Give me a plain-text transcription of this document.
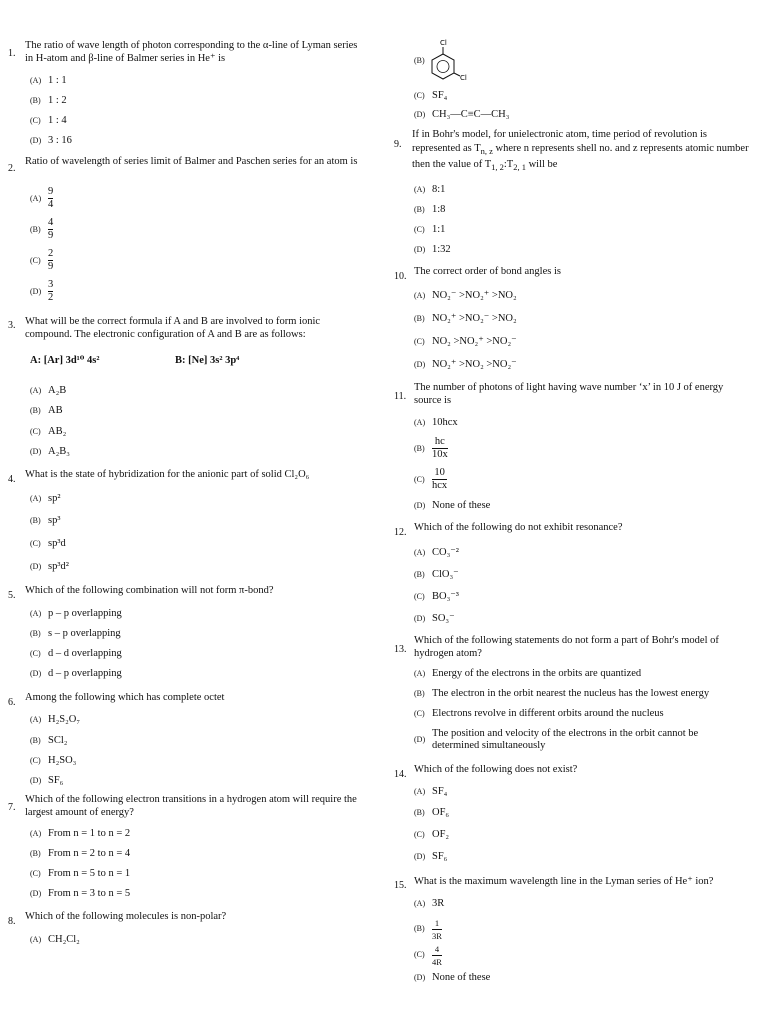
1.
The ratio of wave length of photon corresponding to the α-line of Lyman series in H-atom and β-line of Balmer series in He⁺ is
(A) 1 : 1
(B) 1 : 2
(C) 1 : 4
(D) 3 : 16
2.
Ratio of wavelength of series limit of Balmer and Paschen series for an atom is
$(A) \frac{9}{4}$
$(B) \frac{4}{9}$
$(C) \frac{2}{9}$
$(D) \frac{3}{2}$
3. What will be the correct formula if A and B are involved to form ionic compound. The electronic configuration of A and B are as follows:
A: [Ar] 3d¹⁰ 4s²	B: [Ne] 3s² 3p⁴
(A) A₂B
(B) AB
(C) AB₂
(D) A₂B₃
4. What is the state of hybridization for the anionic part of solid Cl₂O₆
(A) sp²
(B) sp³
(C) sp³d
(D) sp³d²
5. Which of the following combination will not form π-bond?
(A) p – p overlapping
(B) s – p overlapping
(C) d – d overlapping
(D) d – p overlapping
6. Among the following which has complete octet
(A) H₂S₂O₇
(B) SCl₂
(C) H₂SO₃
(D) SF₆
7.
Which of the following electron transitions in a hydrogen atom will require the largest amount of energy?
(A) From n = 1 to n = 2
(B) From n = 2 to n = 4
(C) From n = 5 to n = 1
(D) From n = 3 to n = 5
8. Which of the following molecules is non-polar?
(A) CH₂Cl₂
(B)
Cl
Cl
(C) SF₄
(D) CH₃—C≡C—CH₃
9.
If in Bohr's model, for unielectronic atom, time period of revolution is represented as $T_{n, z}$ where n represents shell no. and z represents atomic number then the value of $T_{1, 2}:T_{2, 1}$ will be
(A) 8:1
(B) 1:8
(C) 1:1
(D) 1:32
10. The correct order of bond angles is
(A) NO₂⁻ >NO₂⁺ >NO₂
(B) NO₂⁺ >NO₂⁻ >NO₂
(C) NO₂ >NO₂⁺ >NO₂⁻
(D) NO₂⁺ >NO₂ >NO₂⁻
11.
The number of photons of light having wave number ‘x’ in 10 J of energy source is
(A) 10hcx
$(B) \frac{hc}{10x}$
$(C) \frac{10}{\text{hcx}}$
(D) None of these
12. Which of the following do not exhibit resonance?
(A) CO₃⁻²
(B) ClO₃⁻
(C) BO₃⁻³
(D) SO₃⁻
13.
Which of the following statements do not form a part of Bohr's model of hydrogen atom?
(A) Energy of the electrons in the orbits are quantized
(B) The electron in the orbit nearest the nucleus has the lowest energy
(C) Electrons revolve in different orbits around the nucleus
(D)
The position and velocity of the electrons in the orbit cannot be determined simultaneously
14. Which of the following does not exist?
(A) SF₄
(B) OF₆
(C) OF₂
(D) SF₆
15. What is the maximum wavelength line in the Lyman series of He⁺ ion?
(A) 3R
$(B) \frac{1}{3R}$
$(C) \frac{4}{4R}$
(D) None of these
